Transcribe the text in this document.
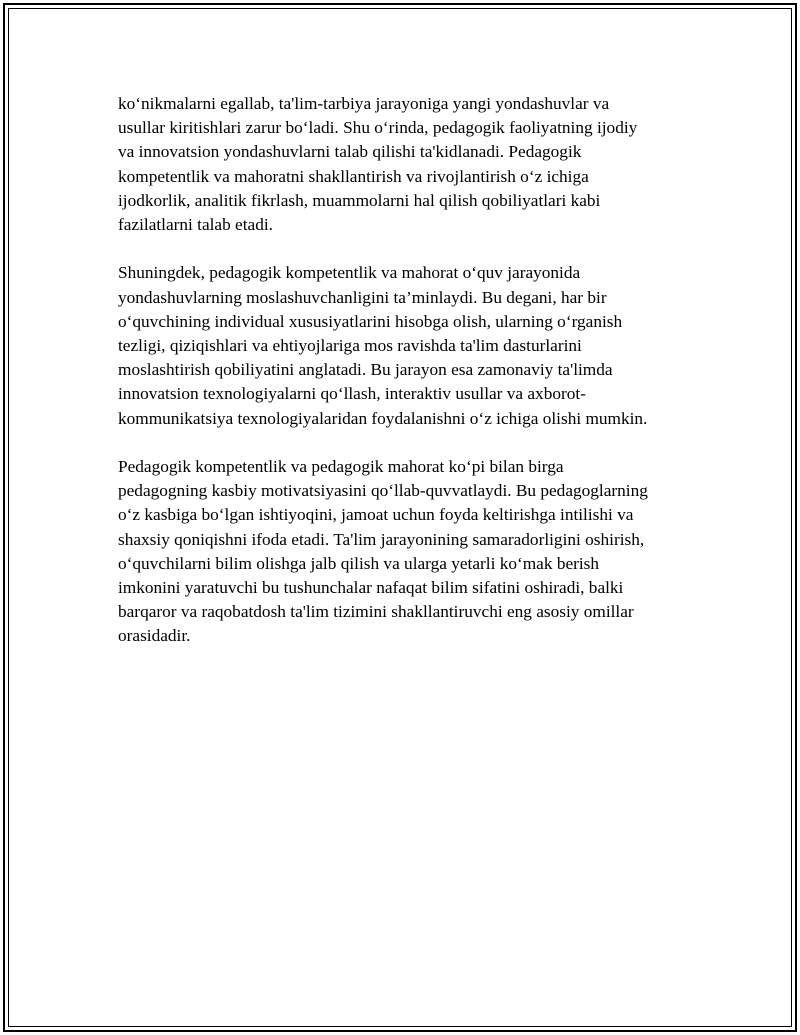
ko‘nikmalarni egallab, ta'lim-tarbiya jarayoniga yangi yondashuvlar va
usullar kiritishlari zarur bo‘ladi. Shu o‘rinda, pedagogik faoliyatning ijodiy
va innovatsion yondashuvlarni talab qilishi ta'kidlanadi. Pedagogik
kompetentlik va mahoratni shakllantirish va rivojlantirish o‘z ichiga
ijodkorlik, analitik fikrlash, muammolarni hal qilish qobiliyatlari kabi
fazilatlarni talab etadi.

Shuningdek, pedagogik kompetentlik va mahorat o‘quv jarayonida
yondashuvlarning moslashuvchanligini ta’minlaydi. Bu degani, har bir
o‘quvchining individual xususiyatlarini hisobga olish, ularning o‘rganish
tezligi, qiziqishlari va ehtiyojlariga mos ravishda ta'lim dasturlarini
moslashtirish qobiliyatini anglatadi. Bu jarayon esa zamonaviy ta'limda
innovatsion texnologiyalarni qo‘llash, interaktiv usullar va axborot-
kommunikatsiya texnologiyalaridan foydalanishni o‘z ichiga olishi mumkin.

Pedagogik kompetentlik va pedagogik mahorat ko‘pi bilan birga
pedagogning kasbiy motivatsiyasini qo‘llab-quvvatlaydi. Bu pedagoglarning
o‘z kasbiga bo‘lgan ishtiyoqini, jamoat uchun foyda keltirishga intilishi va
shaxsiy qoniqishni ifoda etadi. Ta'lim jarayonining samaradorligini oshirish,
o‘quvchilarni bilim olishga jalb qilish va ularga yetarli ko‘mak berish
imkonini yaratuvchi bu tushunchalar nafaqat bilim sifatini oshiradi, balki
barqaror va raqobatdosh ta'lim tizimini shakllantiruvchi eng asosiy omillar
orasidadir.
